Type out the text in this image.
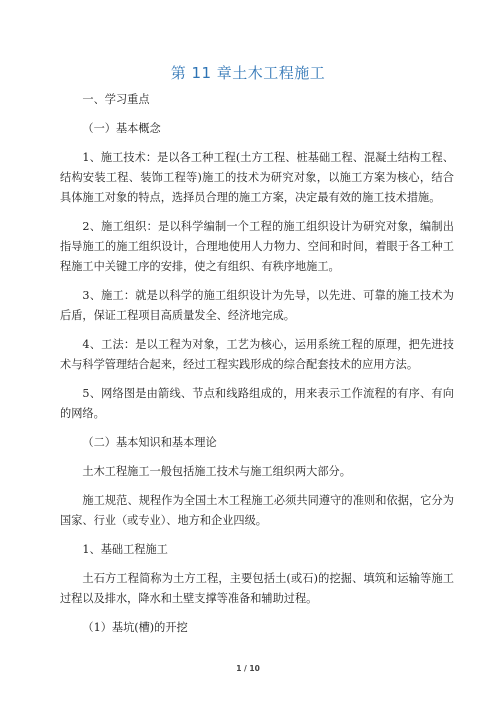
第 11 章土木工程施工

一、学习重点

（一）基本概念

1、施工技术：是以各工种工程(土方工程、桩基础工程、混凝土结构工程、结构安装工程、装饰工程等)施工的技术为研究对象，以施工方案为核心，结合具体施工对象的特点，选择员合理的施工方案，决定最有效的施工技术措施。

2、施工组织：是以科学编制一个工程的施工组织设计为研究对象，编制出指导施工的施工组织设计，合理地使用人力物力、空间和时间，着眼于各工种工程施工中关键工序的安排，使之有组织、有秩序地施工。

3、施工：就是以科学的施工组织设计为先导，以先进、可靠的施工技术为后盾，保证工程项目高质量发全、经济地完成。

4、工法：是以工程为对象，工艺为核心，运用系统工程的原理，把先进技术与科学管理结合起来，经过工程实践形成的综合配套技术的应用方法。

5、网络图是由箭线、节点和线路组成的，用来表示工作流程的有序、有向的网络。

（二）基本知识和基本理论

土木工程施工一般包括施工技术与施工组织两大部分。

施工规范、规程作为全国土木工程施工必须共同遵守的准则和依据，它分为国家、行业（或专业）、地方和企业四级。

1、基础工程施工

土石方工程简称为土方工程，主要包括土(或石)的挖掘、填筑和运输等施工过程以及排水，降水和土壁支撑等准备和辅助过程。

（1）基坑(槽)的开挖

1 / 10
